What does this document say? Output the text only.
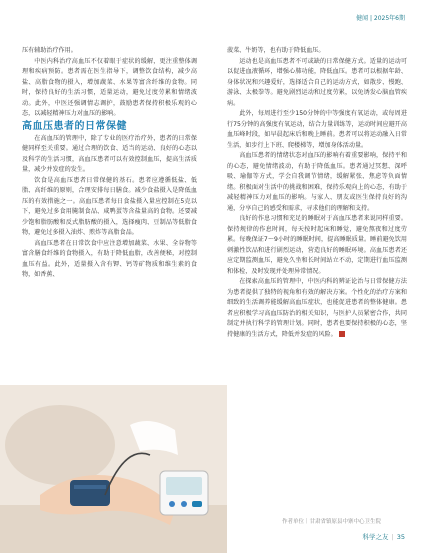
健闻 | 2025年6期

压有辅助治疗作用。

中医内科治疗高血压不仅着眼于症状的缓解，更注重整体调理和疾病预防。患者需在医生指导下，调整饮食结构，减少高盐、高脂食物的摄入，增加蔬菜、水果等富含纤维的食物。同时，保持良好的生活习惯，适量运动，避免过度劳累和情绪波动。此外，中医还强调情志调护，鼓励患者保持积极乐观的心态，以减轻精神压力对血压的影响。

高血压患者的日常保健

在高血压的管理中，除了专业的医疗治疗外，患者的日常保健同样至关重要。通过合理的饮食、适当的运动、良好的心态以及科学的生活习惯，高血压患者可以有效控制血压，提高生活质量，减少并发症的发生。

饮食是高血压患者日常保健的基石。患者应遵循低盐、低脂、高纤维的原则，合理安排每日膳食。减少食盐摄入是降低血压的有效措施之一。高血压患者每日食盐摄入量应控制在5克以下，避免过多食用腌制食品、咸鸭蛋等含盐量高的食物。还要减少饱和脂肪酸和反式脂肪酸的摄入，选择瘦肉、豆制品等低脂食物，避免过多摄入油炸、煎炸等高脂食品。

高血压患者在日常饮食中应注意增加蔬菜、水果、全谷物等富含膳食纤维的食物摄入，有助于降低血脂，改善便秘，对控制血压有益。此外，适量摄入含有钾、钙等矿物质和维生素的食物，如香蕉、

菠菜、牛奶等，也有助于降低血压。

运动也是高血压患者不可或缺的日常保健方式。适量的运动可以促进血液循环，增强心肺功能，降低血压。患者可以根据年龄、身体状况和兴趣爱好，选择适合自己的运动方式，如散步、慢跑、游泳、太极拳等。避免剧烈运动和过度劳累，以免诱发心脑血管疾病。

此外，每周进行至少150分钟的中等强度有氧运动，或每周进行75分钟的高强度有氧运动，结合力量训练等，运动时间应避开高血压峰时段，如早晨起床后和晚上睡前。患者可以将运动融入日常生活，如步行上下班、爬楼梯等，增加身体活动量。

高血压患者的情绪状态对血压的影响有着重要影响，保持平和的心态，避免情绪波动，有助于降低血压。患者通过冥想、深呼吸、瑜伽等方式，学会自我调节情绪，缓解紧张、焦虑等负面情绪。积极面对生活中的挑战和困难，保持乐观向上的心态，有助于减轻精神压力对血压的影响。与家人、朋友或医生保持良好的沟通，分享自己的感受和需求，寻求他们的理解和支持。

良好的作息习惯和充足的睡眠对于高血压患者来说同样重要。保持规律的作息时间，每天按时起床和睡觉，避免熬夜和过度劳累。每晚保证7～9小时的睡眠时间，提高睡眠质量。睡前避免饮用刺激性饮品和进行剧烈运动，营造良好的睡眠环境。高血压患者还应定期监测血压，避免久坐和长时间站立不动，定期进行血压监测和体检，及时发现并处理异常情况。

在探索高血压的管理中，中医内科的辨证论治与日常保健方法为患者提供了独特的视角和有效的解决方案。个性化的治疗方案和细致的生活调养能缓解高血压症状，也能促进患者的整体健康。患者应积极学习高血压防治的相关知识，与医护人员紧密合作，共同制定并执行科学的管理计划。同时，患者也要保持积极的心态，坚持健康的生活方式，降低并发症的风险。

作者单位｜甘肃省镇原县中寨中心卫生院
科学之友 | 35
